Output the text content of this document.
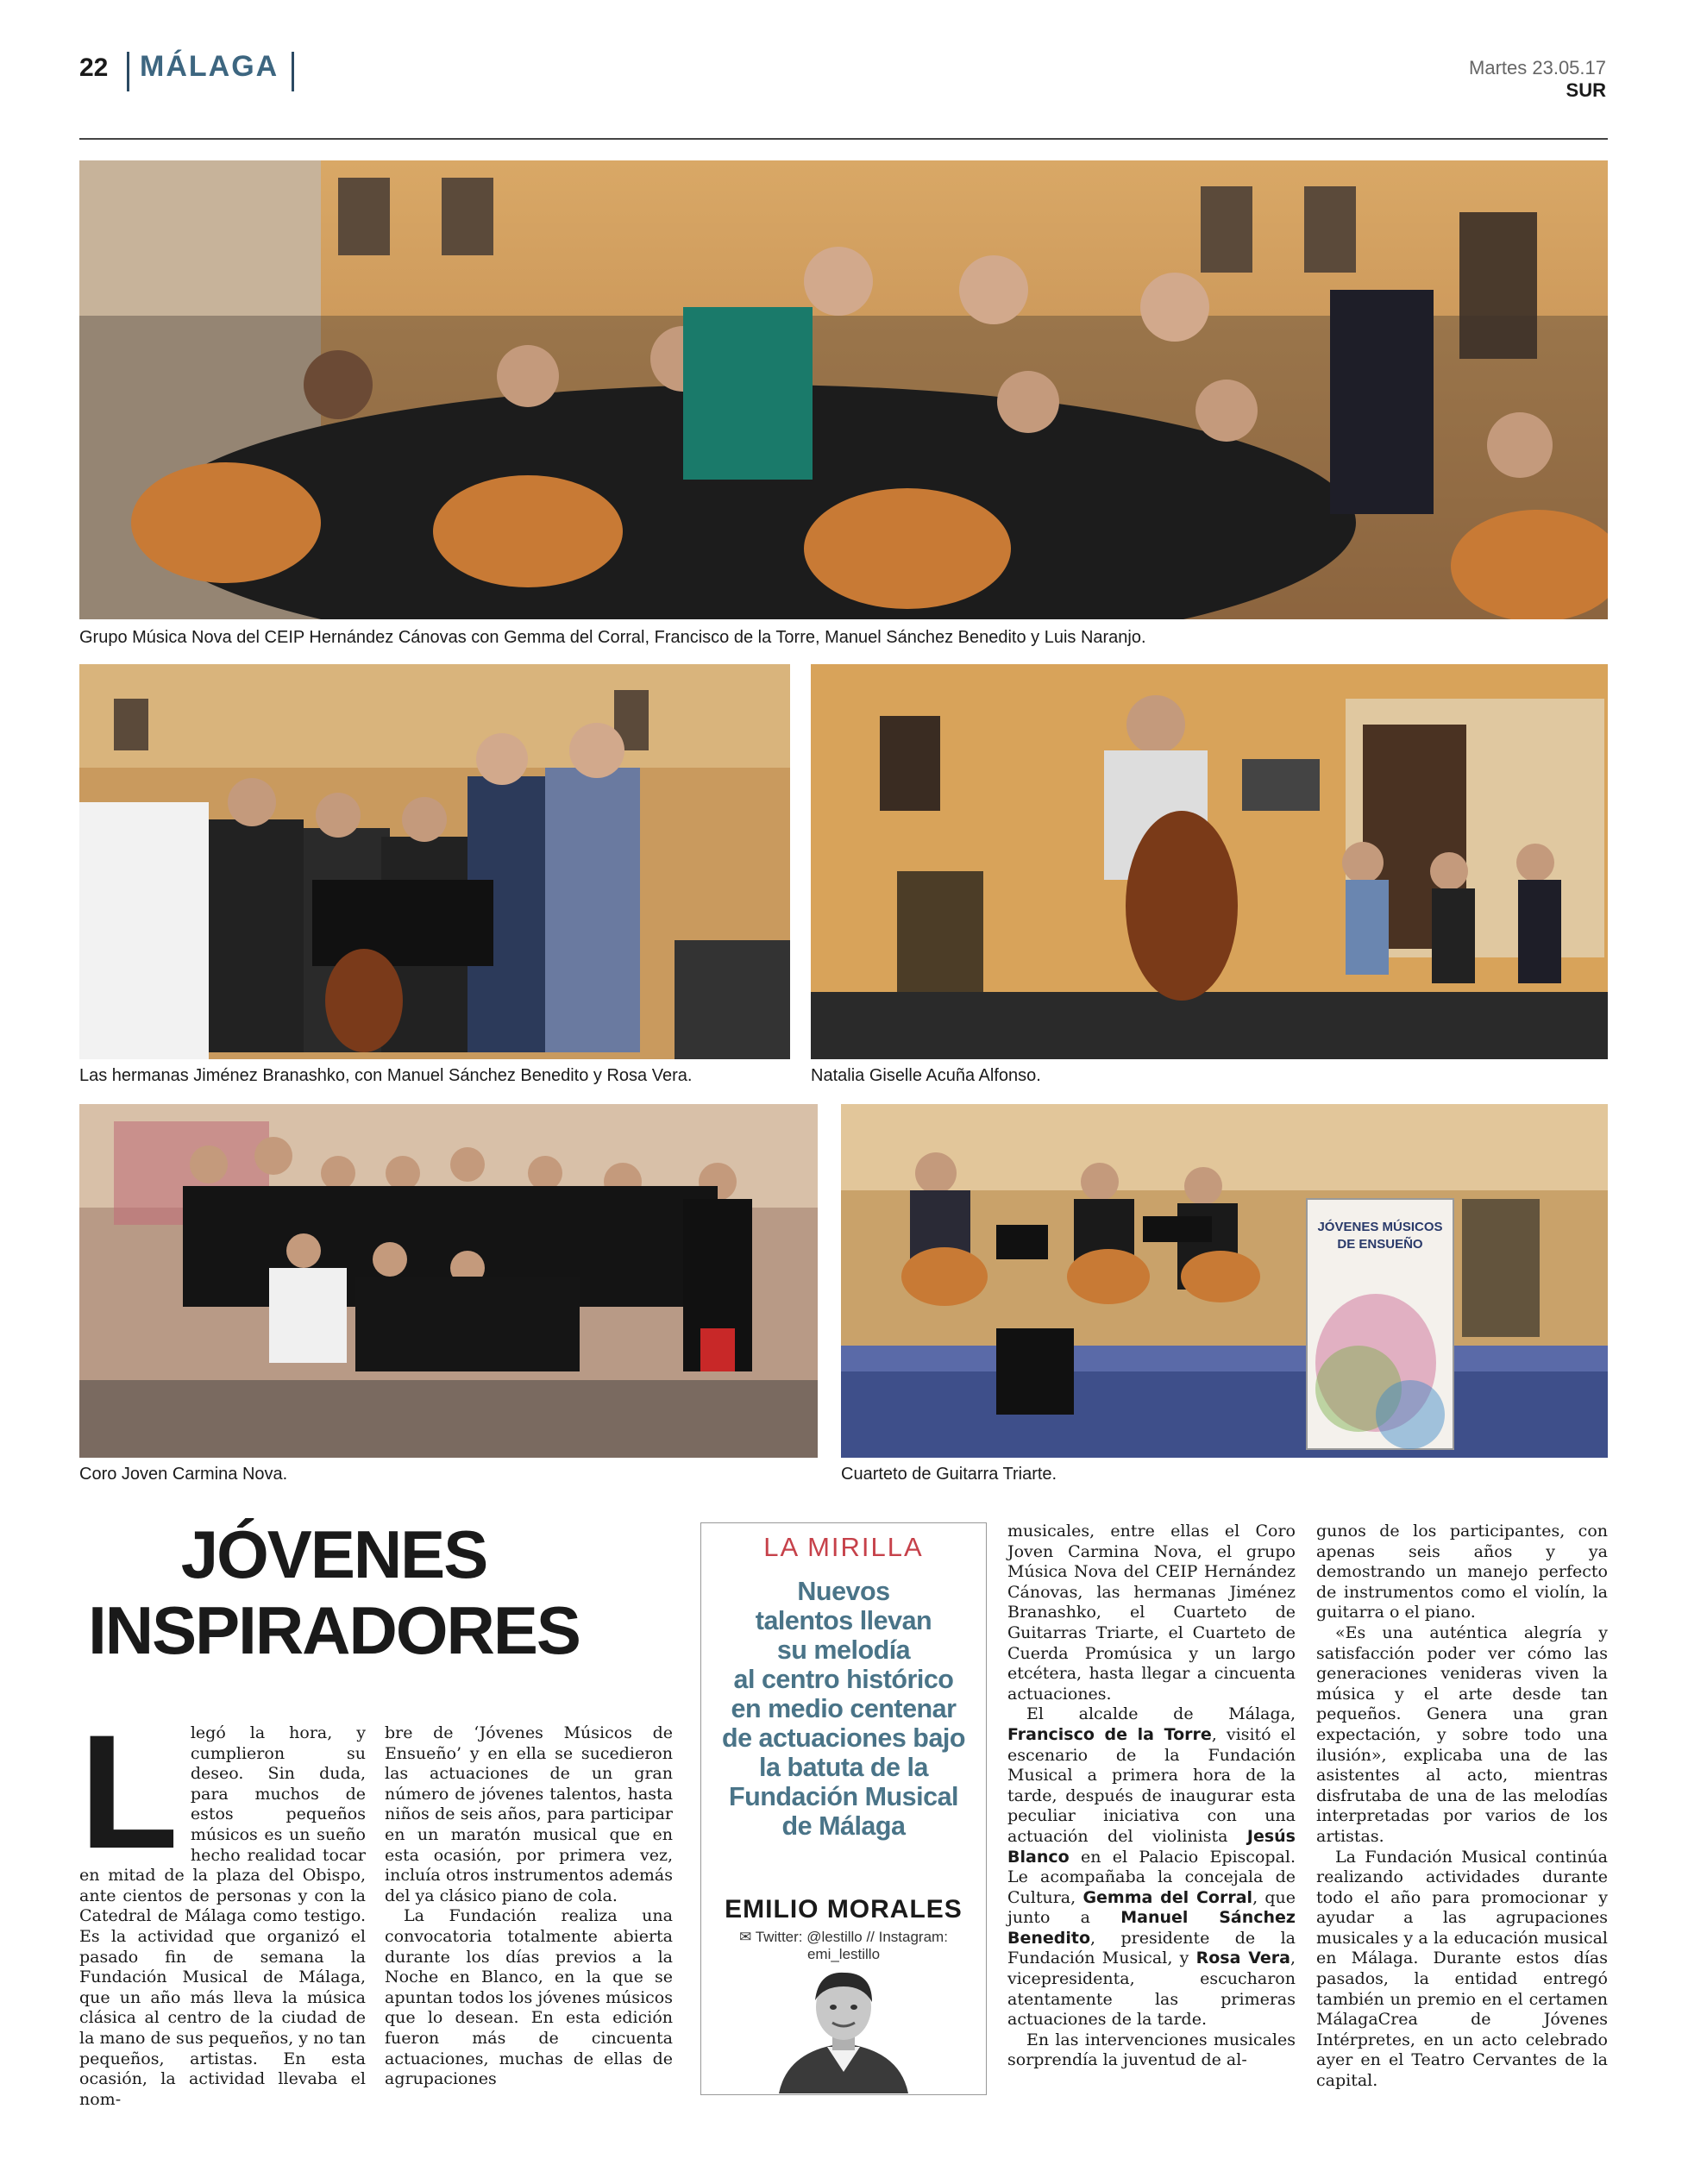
22 MÁLAGA	Martes 23.05.17
SUR
Grupo Música Nova del CEIP Hernández Cánovas con Gemma del Corral, Francisco de la Torre, Manuel Sánchez Benedito y Luis Naranjo.
Las hermanas Jiménez Branashko, con Manuel Sánchez Benedito y Rosa Vera.	Natalia Giselle Acuña Alfonso.
Coro Joven Carmina Nova.
JÓVENES MÚSICOS
DE ENSUEÑO
Cuarteto de Guitarra Triarte.
JÓVENES
INSPIRADORES
L legó la hora, y cumplieron su deseo. Sin duda, para muchos de estos pequeños músicos es un sueño hecho realidad tocar en mitad de la plaza del Obispo, ante cientos de personas y con la Catedral de Málaga como testigo. Es la actividad que organizó el pasado fin de semana la Fundación Musical de Málaga, que un año más lleva la música clásica al centro de la ciudad de la mano de sus pequeños, y no tan pequeños, artistas. En esta ocasión, la actividad llevaba el nom-

bre de ‘Jóvenes Músicos de Ensueño’ y en ella se sucedieron las actuaciones de un gran número de jóvenes talentos, hasta niños de seis años, para participar en un maratón musical que en esta ocasión, por primera vez, incluía otros instrumentos además del ya clásico piano de cola.

La Fundación realiza una convocatoria totalmente abierta durante los días previos a la Noche en Blanco, en la que se apuntan todos los jóvenes músicos que lo desean. En esta edición fueron más de cincuenta actuaciones, muchas de ellas de agrupaciones

LA MIRILLA
Nuevos
talentos llevan
su melodía
al centro histórico
en medio centenar
de actuaciones bajo
la batuta de la
Fundación Musical
de Málaga
EMILIO MORALES
✉ Twitter: @lestillo // Instagram:
emi_lestillo

musicales, entre ellas el Coro Joven Carmina Nova, el grupo Música Nova del CEIP Hernández Cánovas, las hermanas Jiménez Branashko, el Cuarteto de Guitarras Triarte, el Cuarteto de Cuerda Promúsica y un largo etcétera, hasta llegar a cincuenta actuaciones.

El alcalde de Málaga, Francisco de la Torre, visitó el escenario de la Fundación Musical a primera hora de la tarde, después de inaugurar esta peculiar iniciativa con una actuación del violinista Jesús Blanco en el Palacio Episcopal. Le acompañaba la concejala de Cultura, Gemma del Corral, que junto a Manuel Sánchez Benedito, presidente de la Fundación Musical, y Rosa Vera, vicepresidenta, escucharon atentamente las primeras actuaciones de la tarde.

En las intervenciones musicales sorprendía la juventud de al-

gunos de los participantes, con apenas seis años y ya demostrando un manejo perfecto de instrumentos como el violín, la guitarra o el piano.

«Es una auténtica alegría y satisfacción poder ver cómo las generaciones venideras viven la música y el arte desde tan pequeños. Genera una gran expectación, y sobre todo una ilusión», explicaba una de las asistentes al acto, mientras disfrutaba de una de las melodías interpretadas por varios de los artistas.

La Fundación Musical continúa realizando actividades durante todo el año para promocionar y ayudar a las agrupaciones musicales y a la educación musical en Málaga. Durante estos días pasados, la entidad entregó también un premio en el certamen MálagaCrea de Jóvenes Intérpretes, en un acto celebrado ayer en el Teatro Cervantes de la capital.
